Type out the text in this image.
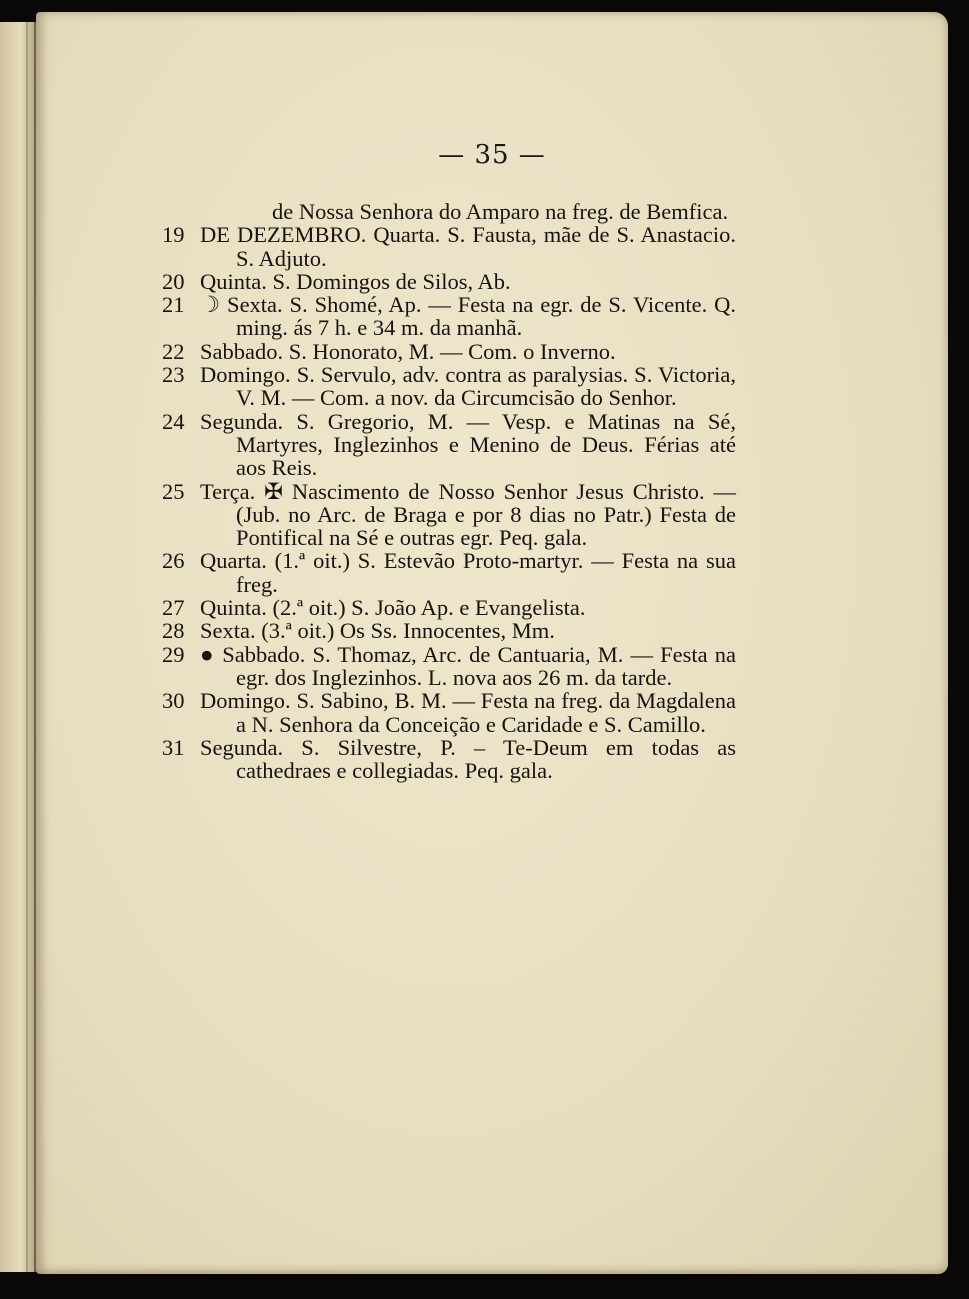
— 35 —

de Nossa Senhora do Amparo na freg. de Bemfica.

19 DE DEZEMBRO. Quarta. S. Fausta, mãe de S. Anastacio. S. Adjuto.

20 Quinta. S. Domingos de Silos, Ab.

21 ☽ Sexta. S. Shomé, Ap. — Festa na egr. de S. Vicente. Q. ming. ás 7 h. e 34 m. da manhã.

22 Sabbado. S. Honorato, M. — Com. o Inverno.

23 Domingo. S. Servulo, adv. contra as paralysias. S. Victoria, V. M. — Com. a nov. da Circumcisão do Senhor.

24 Segunda. S. Gregorio, M. — Vesp. e Matinas na Sé, Martyres, Inglezinhos e Menino de Deus. Férias até aos Reis.

25 Terça. ✠ Nascimento de Nosso Senhor Jesus Christo. — (Jub. no Arc. de Braga e por 8 dias no Patr.) Festa de Pontifical na Sé e outras egr. Peq. gala.

26 Quarta. (1.ª oit.) S. Estevão Proto-martyr. — Festa na sua freg.

27 Quinta. (2.ª oit.) S. João Ap. e Evangelista.

28 Sexta. (3.ª oit.) Os Ss. Innocentes, Mm.

29 ● Sabbado. S. Thomaz, Arc. de Cantuaria, M. — Festa na egr. dos Inglezinhos. L. nova aos 26 m. da tarde.

30 Domingo. S. Sabino, B. M. — Festa na freg. da Magdalena a N. Senhora da Conceição e Caridade e S. Camillo.

31 Segunda. S. Silvestre, P. – Te-Deum em todas as cathedraes e collegiadas. Peq. gala.
